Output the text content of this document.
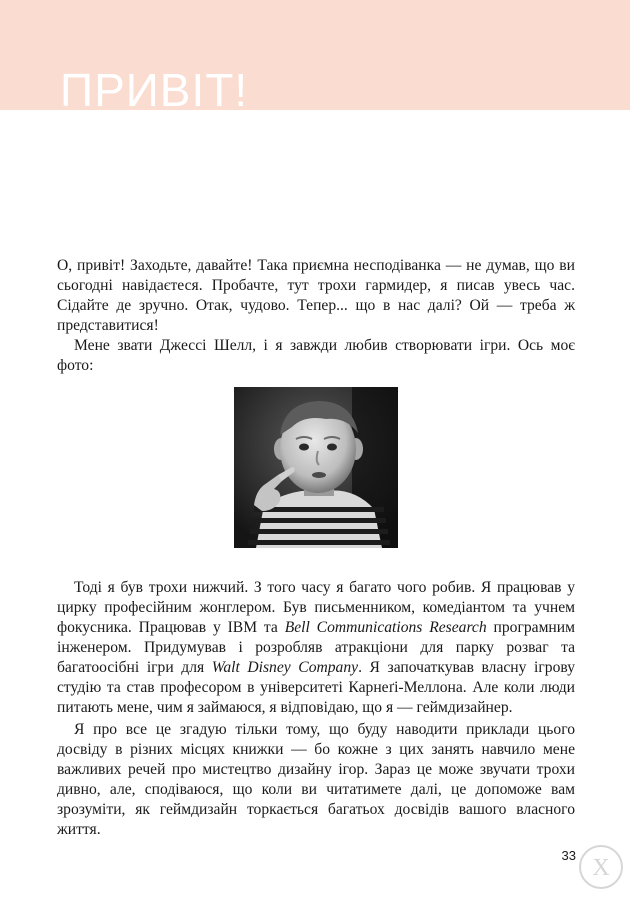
ПРИВІТ!

О, привіт! Заходьте, давайте! Така приємна несподіванка — не думав, що ви сьогодні навідаєтеся. Пробачте, тут трохи гармидер, я писав увесь час. Сідайте де зручно. Отак, чудово. Тепер... що в нас далі? Ой — треба ж представитися!

Мене звати Джессі Шелл, і я завжди любив створювати ігри. Ось моє фото:

Тоді я був трохи нижчий. З того часу я багато чого робив. Я працював у цирку професійним жонглером. Був письменником, комедіантом та учнем фокусника. Працював у IBM та Bell Communications Research програмним інженером. Придумував і розробляв атракціони для парку розваг та багатоосібні ігри для Walt Disney Company. Я започаткував власну ігрову студію та став професором в університеті Карнеґі-Меллона. Але коли люди питають мене, чим я займаюся, я відповідаю, що я — геймдизайнер.

Я про все це згадую тільки тому, що буду наводити приклади цього досвіду в різних місцях книжки — бо кожне з цих занять навчило мене важливих речей про мистецтво дизайну ігор. Зараз це може звучати трохи дивно, але, сподіваюся, що коли ви читатимете далі, це допоможе вам зрозуміти, як геймдизайн торкається багатьох досвідів вашого власного життя.

33 X
